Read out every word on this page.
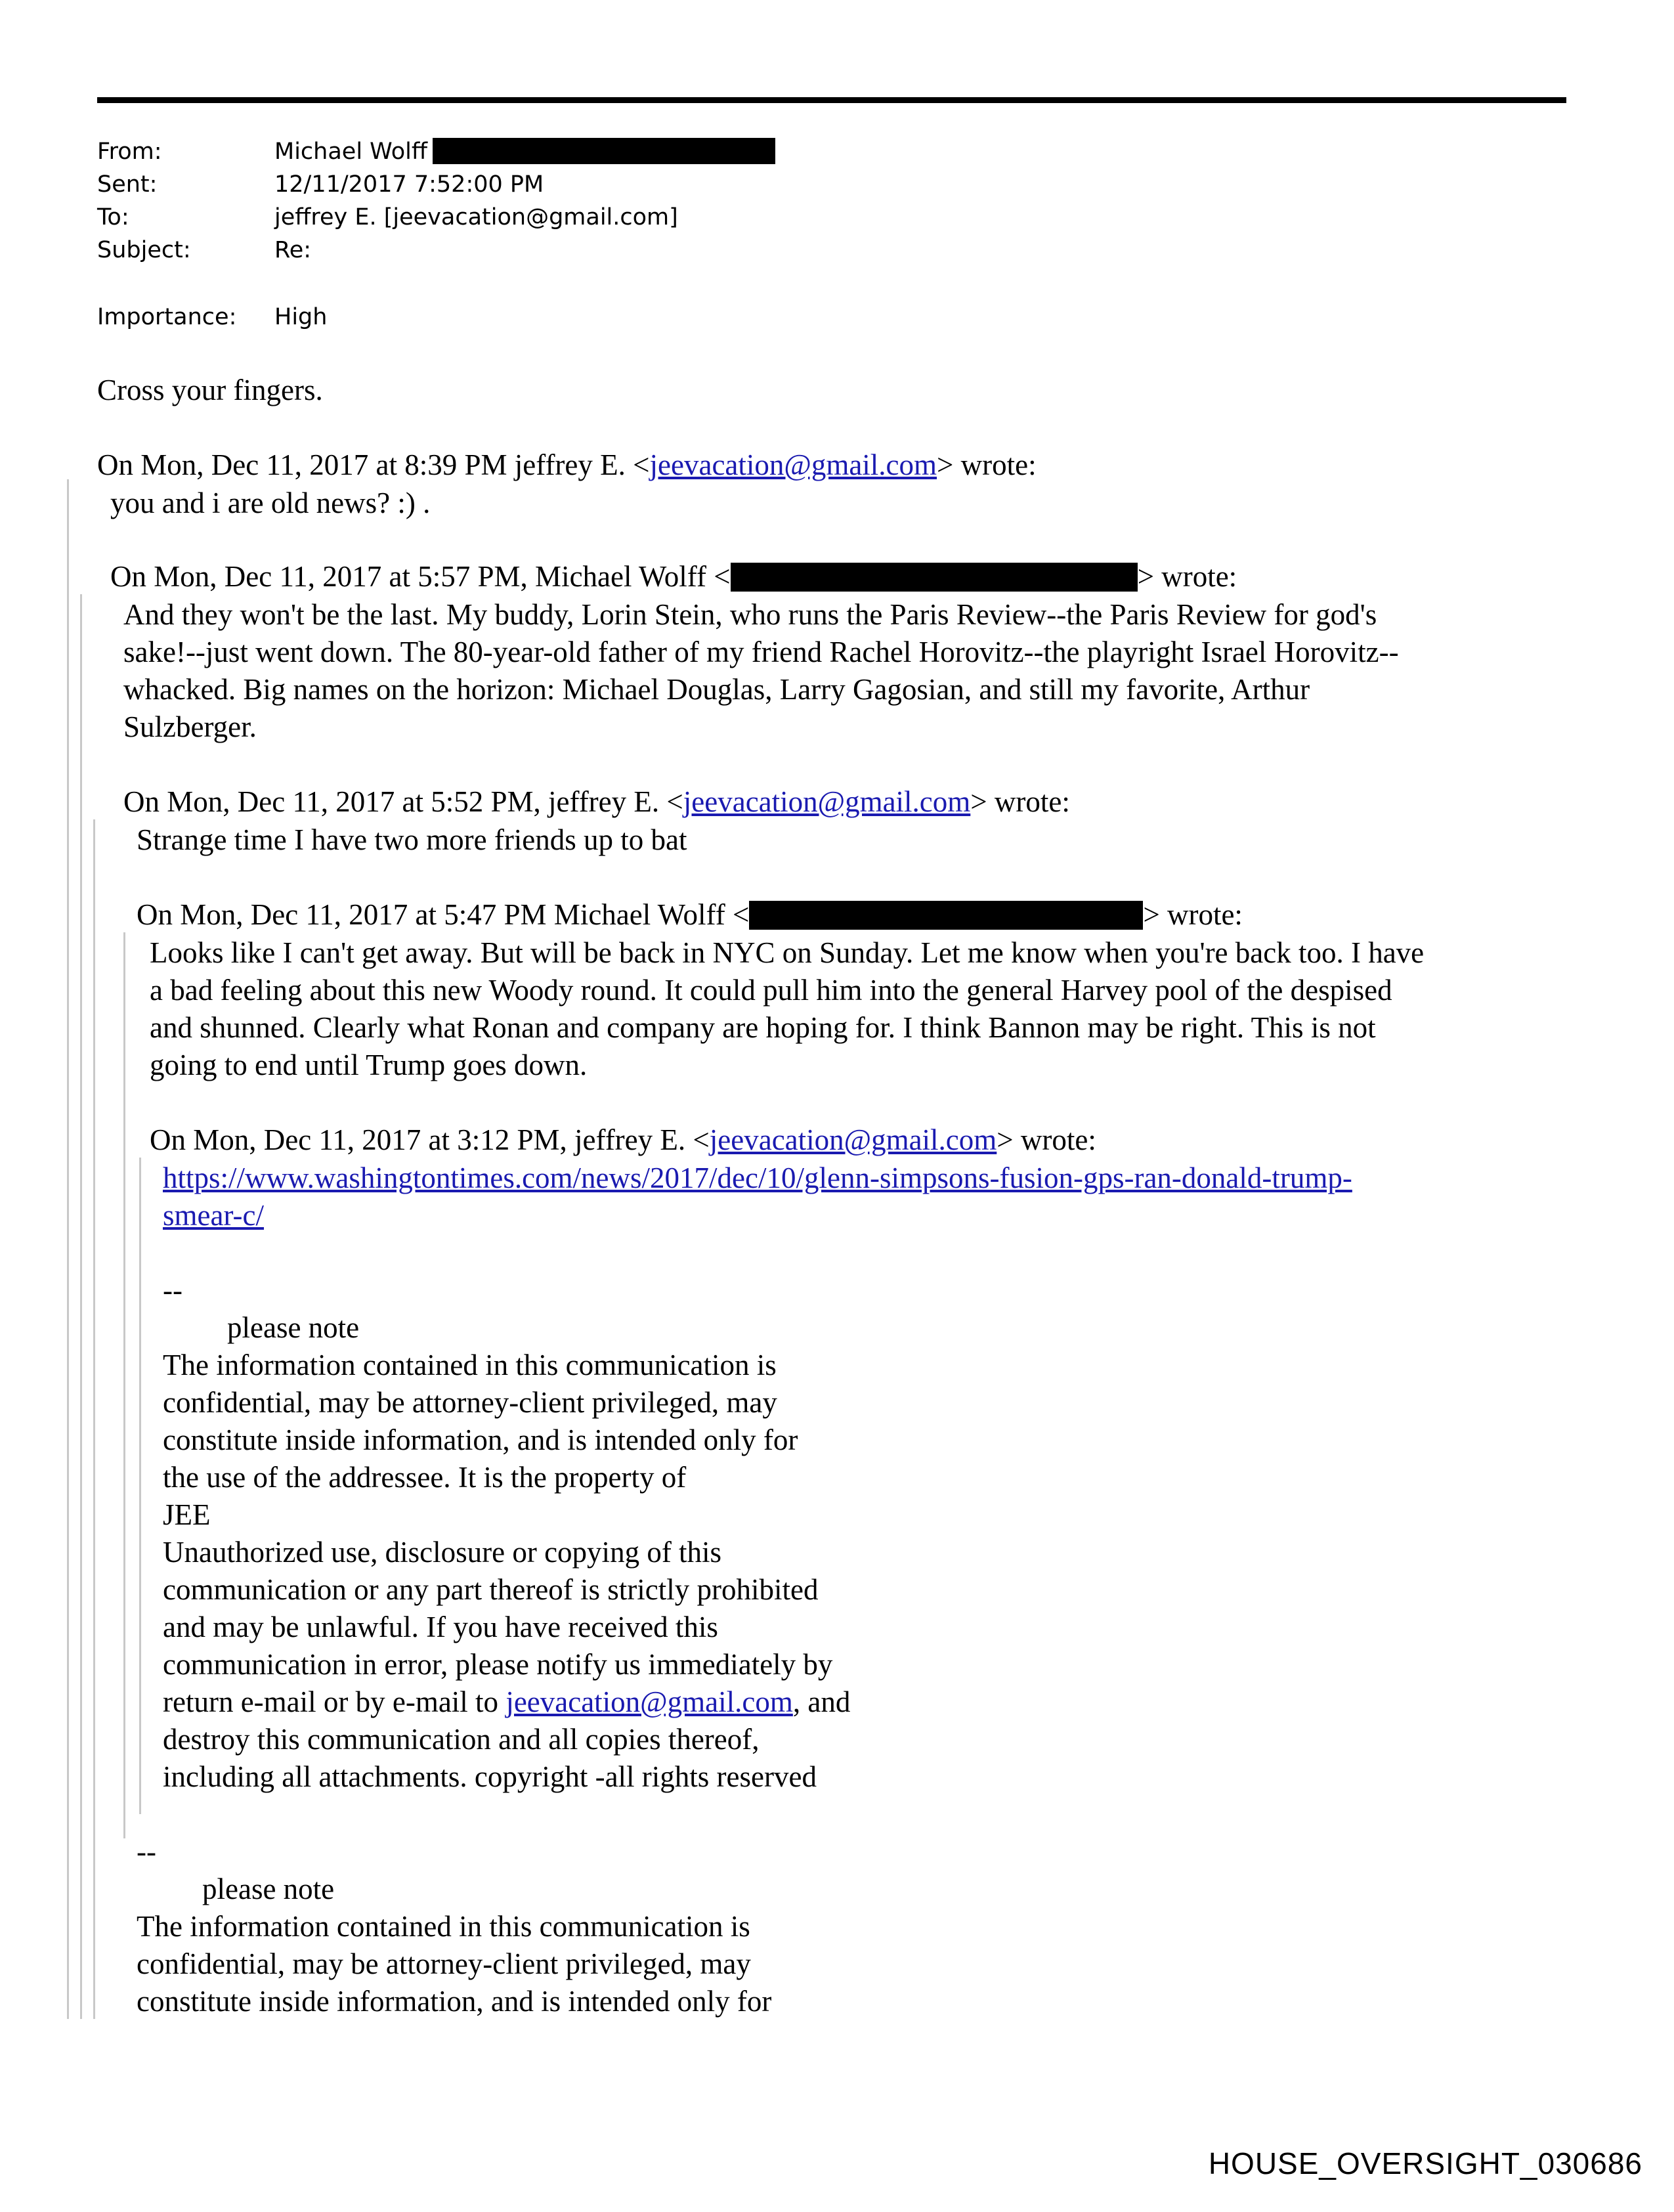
From:	Michael Wolff
Sent:	12/11/2017 7:52:00 PM
To:	jeffrey E. [jeevacation@gmail.com]
Subject:	Re:
Importance: High
Cross your fingers.
On Mon, Dec 11, 2017 at 8:39 PM jeffrey E. <jeevacation@gmail.com> wrote:
you and i are old news? :) .
On Mon, Dec 11, 2017 at 5:57 PM, Michael Wolff <	> wrote:
And they won't be the last. My buddy, Lorin Stein, who runs the Paris Review--the Paris Review for god's
sake!--just went down. The 80-year-old father of my friend Rachel Horovitz--the playright Israel Horovitz--
whacked. Big names on the horizon: Michael Douglas, Larry Gagosian, and still my favorite, Arthur
Sulzberger.
On Mon, Dec 11, 2017 at 5:52 PM, jeffrey E. <jeevacation@gmail.com> wrote:
Strange time I have two more friends up to bat
On Mon, Dec 11, 2017 at 5:47 PM Michael Wolff <	> wrote:
Looks like I can't get away. But will be back in NYC on Sunday. Let me know when you're back too. I have
a bad feeling about this new Woody round. It could pull him into the general Harvey pool of the despised
and shunned. Clearly what Ronan and company are hoping for. I think Bannon may be right. This is not
going to end until Trump goes down.
On Mon, Dec 11, 2017 at 3:12 PM, jeffrey E. <jeevacation@gmail.com> wrote:
https://www.washingtontimes.com/news/2017/dec/10/glenn-simpsons-fusion-gps-ran-donald-trump-
smear-c/
--
please note
The information contained in this communication is
confidential, may be attorney-client privileged, may
constitute inside information, and is intended only for
the use of the addressee. It is the property of
JEE
Unauthorized use, disclosure or copying of this
communication or any part thereof is strictly prohibited
and may be unlawful. If you have received this
communication in error, please notify us immediately by
return e-mail or by e-mail to jeevacation@gmail.com, and
destroy this communication and all copies thereof,
including all attachments. copyright -all rights reserved
--
please note
The information contained in this communication is
confidential, may be attorney-client privileged, may
constitute inside information, and is intended only for
HOUSE_OVERSIGHT_030686
